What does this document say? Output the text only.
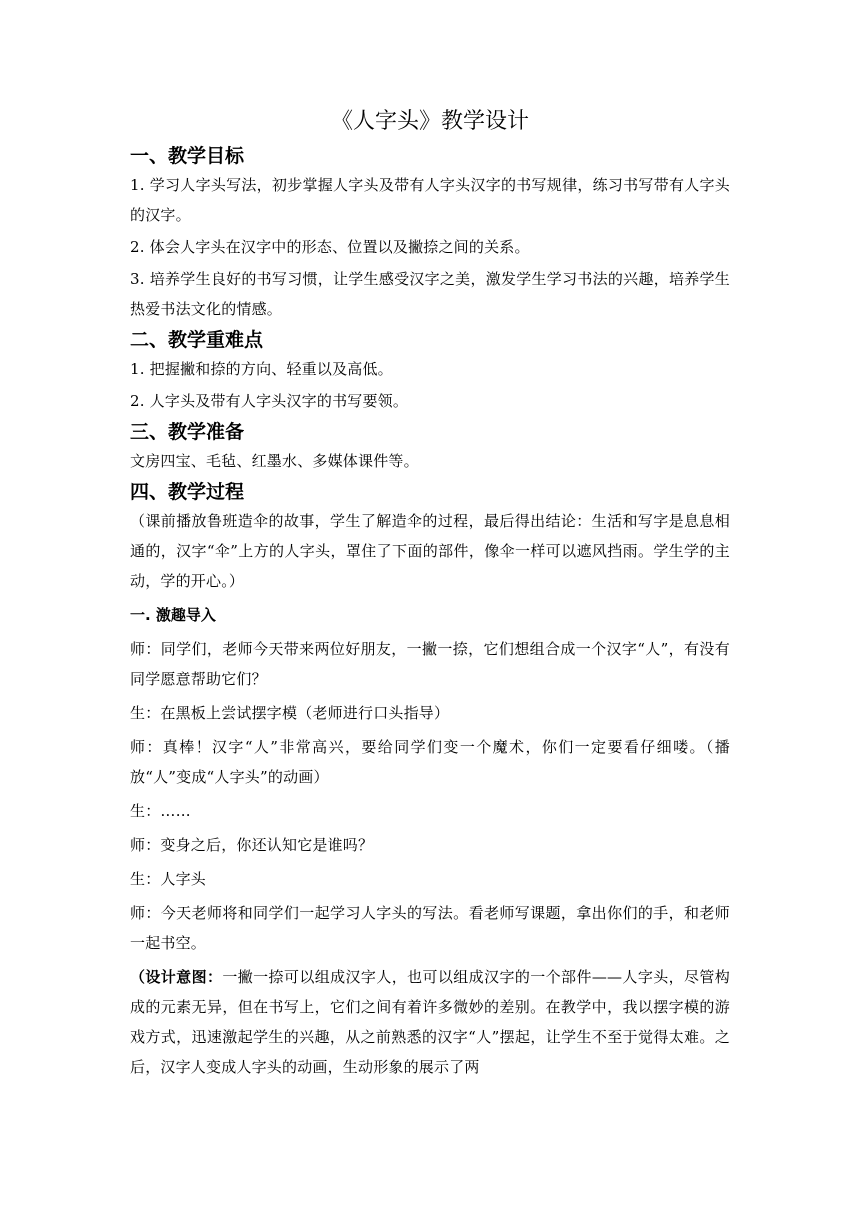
《人字头》教学设计
一、教学目标

1. 学习人字头写法，初步掌握人字头及带有人字头汉字的书写规律，练习书写带有人字头的汉字。

2. 体会人字头在汉字中的形态、位置以及撇捺之间的关系。

3. 培养学生良好的书写习惯，让学生感受汉字之美，激发学生学习书法的兴趣，培养学生热爱书法文化的情感。

二、教学重难点

1. 把握撇和捺的方向、轻重以及高低。

2. 人字头及带有人字头汉字的书写要领。

三、教学准备

文房四宝、毛毡、红墨水、多媒体课件等。

四、教学过程

（课前播放鲁班造伞的故事，学生了解造伞的过程，最后得出结论：生活和写字是息息相通的，汉字“伞”上方的人字头，罩住了下面的部件，像伞一样可以遮风挡雨。学生学的主动，学的开心。）

一. 激趣导入

师：同学们，老师今天带来两位好朋友，一撇一捺，它们想组合成一个汉字“人”，有没有同学愿意帮助它们？

生：在黑板上尝试摆字模（老师进行口头指导）

师：真棒！汉字“人”非常高兴，要给同学们变一个魔术，你们一定要看仔细喽。（播放“人”变成“人字头”的动画）

生：……

师：变身之后，你还认知它是谁吗？

生：人字头

师：今天老师将和同学们一起学习人字头的写法。看老师写课题，拿出你们的手，和老师一起书空。

（设计意图：一撇一捺可以组成汉字人，也可以组成汉字的一个部件——人字头，尽管构成的元素无异，但在书写上，它们之间有着许多微妙的差别。在教学中，我以摆字模的游戏方式，迅速激起学生的兴趣，从之前熟悉的汉字“人”摆起，让学生不至于觉得太难。之后，汉字人变成人字头的动画，生动形象的展示了两
